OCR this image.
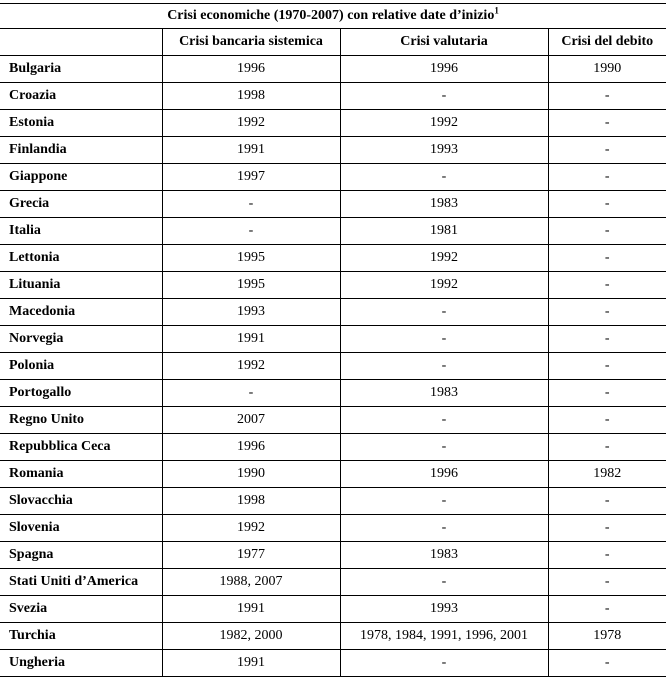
Crisi economiche (1970-2007) con relative date d’inizio$^1$
	Crisi bancaria sistemica	Crisi valutaria	Crisi del debito
Bulgaria	1996	1996	1990
Croazia	1998	-	-
Estonia	1992	1992	-
Finlandia	1991	1993	-
Giappone	1997	-	-
Grecia	-	1983	-
Italia	-	1981	-
Lettonia	1995	1992	-
Lituania	1995	1992	-
Macedonia	1993	-	-
Norvegia	1991	-	-
Polonia	1992	-	-
Portogallo	-	1983	-
Regno Unito	2007	-	-
Repubblica Ceca	1996	-	-
Romania	1990	1996	1982
Slovacchia	1998	-	-
Slovenia	1992	-	-
Spagna	1977	1983	-
Stati Uniti d’America	1988, 2007	-	-
Svezia	1991	1993	-
Turchia	1982, 2000	1978, 1984, 1991, 1996, 2001	1978
Ungheria	1991	-	-
